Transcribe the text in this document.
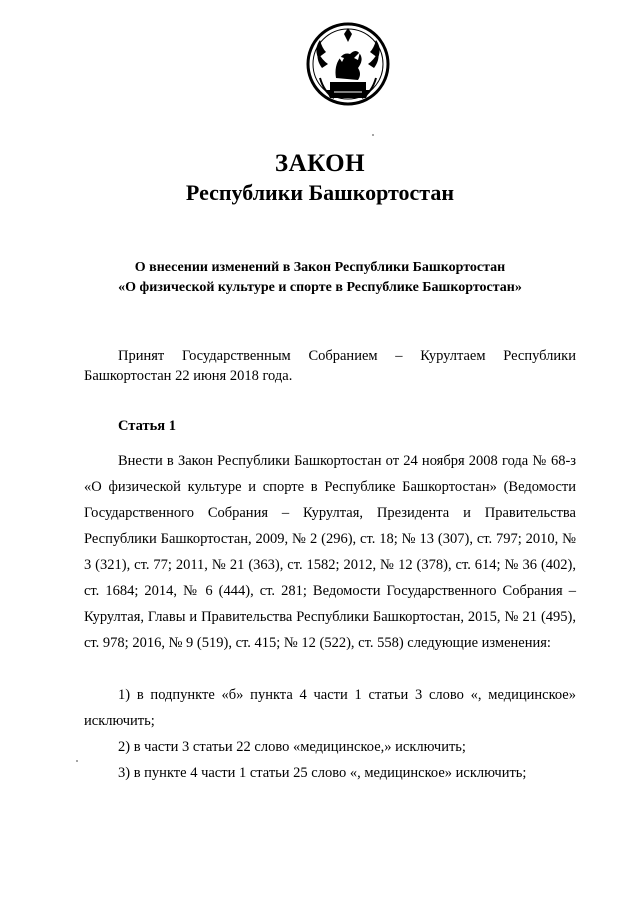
ЗАКОН
Республики Башкортостан
О внесении изменений в Закон Республики Башкортостан
«О физической культуре и спорте в Республике Башкортостан»
Принят Государственным Собранием – Курултаем Республики Башкортостан 22 июня 2018 года.
Статья 1
Внести в Закон Республики Башкортостан от 24 ноября 2008 года № 68-з «О физической культуре и спорте в Республике Башкортостан» (Ведомости Государственного Собрания – Курултая, Президента и Правительства Республики Башкортостан, 2009, № 2 (296), ст. 18; № 13 (307), ст. 797; 2010, № 3 (321), ст. 77; 2011, № 21 (363), ст. 1582; 2012, № 12 (378), ст. 614; № 36 (402), ст. 1684; 2014, № 6 (444), ст. 281; Ведомости Государственного Собрания – Курултая, Главы и Правительства Республики Башкортостан, 2015, № 21 (495), ст. 978; 2016, № 9 (519), ст. 415; № 12 (522), ст. 558) следующие изменения:
1) в подпункте «б» пункта 4 части 1 статьи 3 слово «, медицинское» исключить;
2) в части 3 статьи 22 слово «медицинское,» исключить;
3) в пункте 4 части 1 статьи 25 слово «, медицинское» исключить;
